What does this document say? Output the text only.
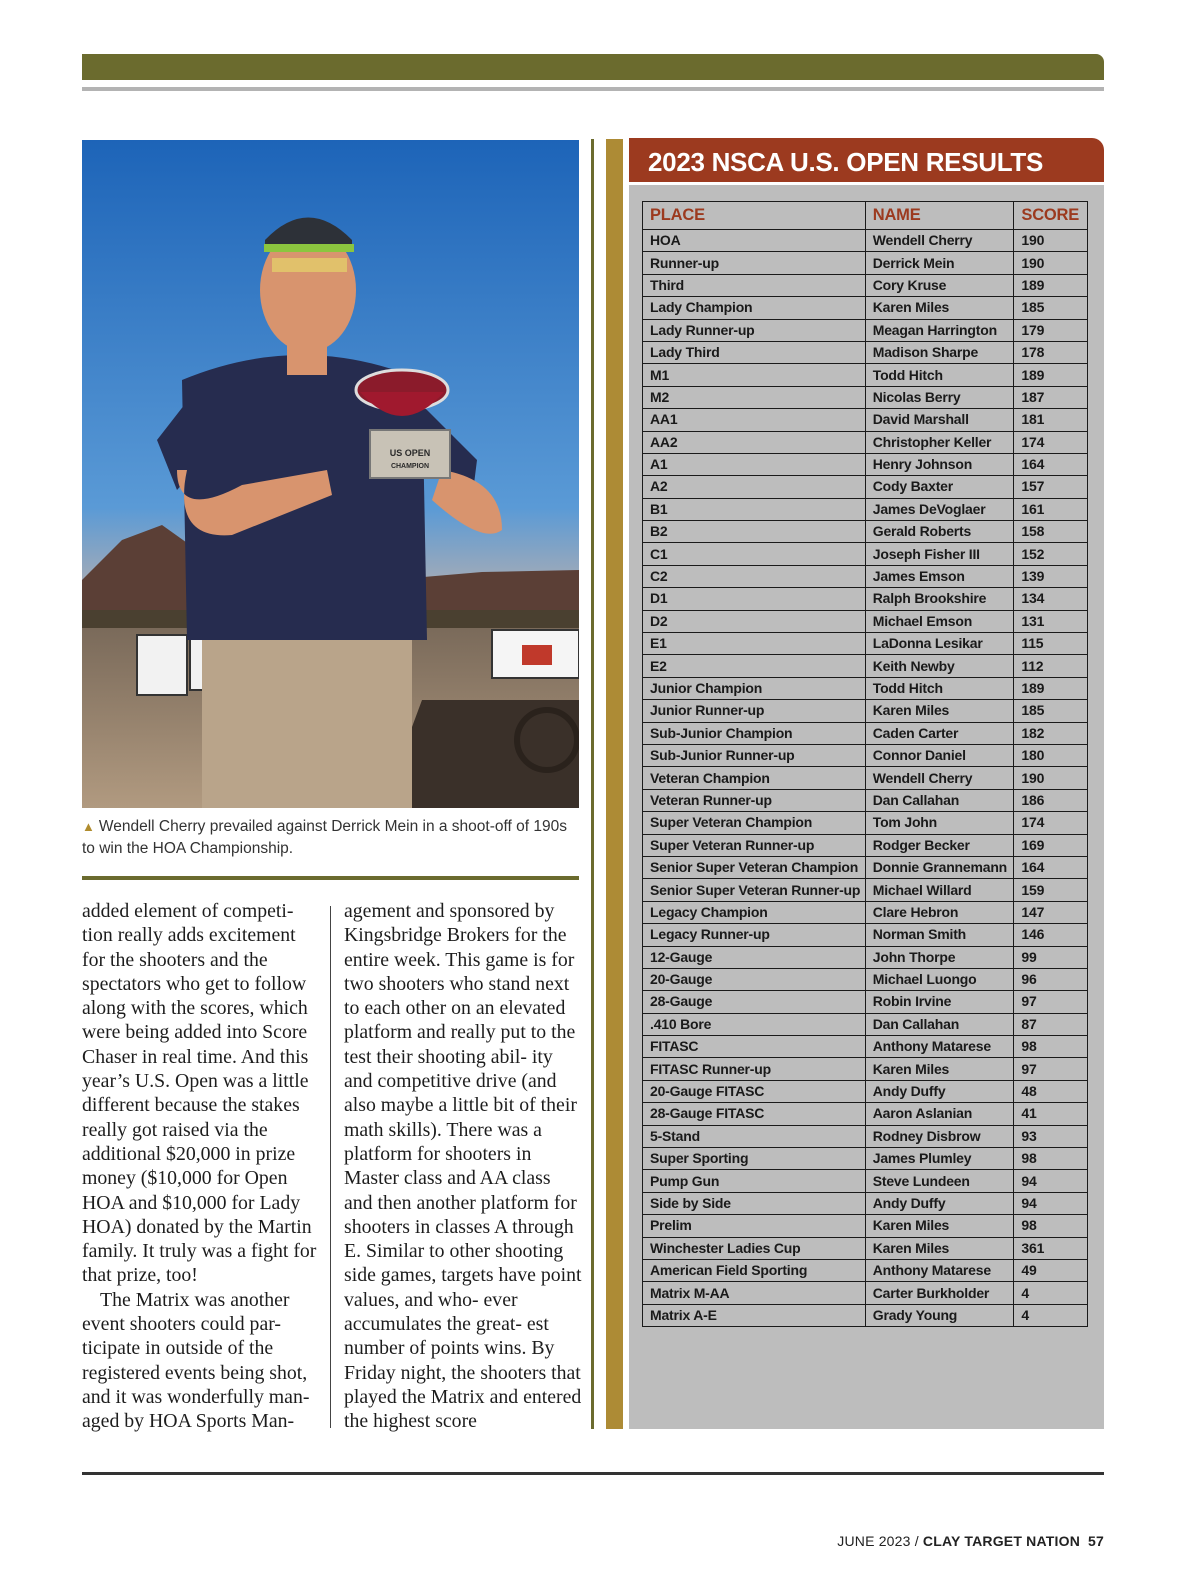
US OPEN
CHAMPION
▲ Wendell Cherry prevailed against Derrick Mein in a shoot-off of 190s to win the HOA Championship.

added element of competi- tion really adds excitement for the shooters and the spectators who get to follow along with the scores, which were being added into Score Chaser in real time. And this year’s U.S. Open was a little different because the stakes really got raised via the additional $20,000 in prize money ($10,000 for Open HOA and $10,000 for Lady HOA) donated by the Martin family. It truly was a fight for that prize, too!

The Matrix was another event shooters could par- ticipate in outside of the registered events being shot, and it was wonderfully man- aged by HOA Sports Man-

agement and sponsored by Kingsbridge Brokers for the entire week. This game is for two shooters who stand next to each other on an elevated platform and really put to the test their shooting abil- ity and competitive drive (and also maybe a little bit of their math skills). There was a platform for shooters in Master class and AA class and then another platform for shooters in classes A through E. Similar to other shooting side games, targets have point values, and who- ever accumulates the great- est number of points wins. By Friday night, the shooters that played the Matrix and entered the highest score

2023 NSCA U.S. OPEN RESULTS
PLACE	NAME	SCORE
HOA	Wendell Cherry	190
Runner-up	Derrick Mein	190
Third	Cory Kruse	189
Lady Champion	Karen Miles	185
Lady Runner-up	Meagan Harrington	179
Lady Third	Madison Sharpe	178
M1	Todd Hitch	189
M2	Nicolas Berry	187
AA1	David Marshall	181
AA2	Christopher Keller	174
A1	Henry Johnson	164
A2	Cody Baxter	157
B1	James DeVoglaer	161
B2	Gerald Roberts	158
C1	Joseph Fisher III	152
C2	James Emson	139
D1	Ralph Brookshire	134
D2	Michael Emson	131
E1	LaDonna Lesikar	115
E2	Keith Newby	112
Junior Champion	Todd Hitch	189
Junior Runner-up	Karen Miles	185
Sub-Junior Champion	Caden Carter	182
Sub-Junior Runner-up	Connor Daniel	180
Veteran Champion	Wendell Cherry	190
Veteran Runner-up	Dan Callahan	186
Super Veteran Champion	Tom John	174
Super Veteran Runner-up	Rodger Becker	169
Senior Super Veteran Champion	Donnie Grannemann	164
Senior Super Veteran Runner-up	Michael Willard	159
Legacy Champion	Clare Hebron	147
Legacy Runner-up	Norman Smith	146
12-Gauge	John Thorpe	99
20-Gauge	Michael Luongo	96
28-Gauge	Robin Irvine	97
.410 Bore	Dan Callahan	87
FITASC	Anthony Matarese	98
FITASC Runner-up	Karen Miles	97
20-Gauge FITASC	Andy Duffy	48
28-Gauge FITASC	Aaron Aslanian	41
5-Stand	Rodney Disbrow	93
Super Sporting	James Plumley	98
Pump Gun	Steve Lundeen	94
Side by Side	Andy Duffy	94
Prelim	Karen Miles	98
Winchester Ladies Cup	Karen Miles	361
American Field Sporting	Anthony Matarese	49
Matrix M-AA	Carter Burkholder	4
Matrix A-E	Grady Young	4
JUNE 2023 / CLAY TARGET NATION 57
